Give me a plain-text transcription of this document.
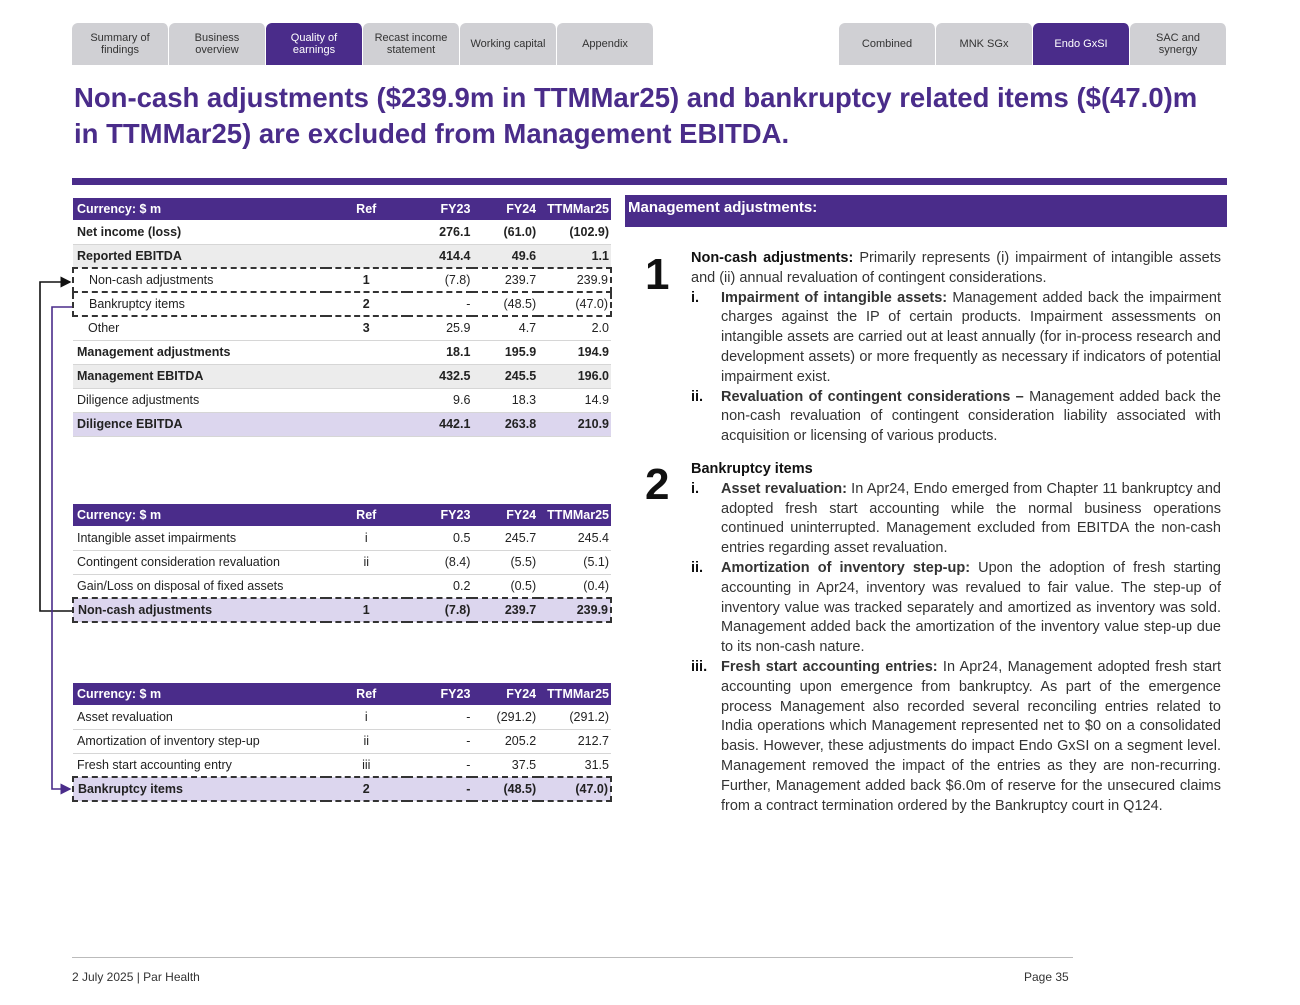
Summary of
findings
Business
overview
Quality of
earnings
Recast income
statement	Working capital	Appendix	Combined	MNK SGx	Endo GxSI	SAC and
synergy
Non-cash adjustments ($239.9m in TTMMar25) and bankruptcy related items ($(47.0)m in TTMMar25) are excluded from Management EBITDA.
Currency: $ m	Ref	FY23	FY24	TTMMar25
Net income (loss)		276.1	(61.0)	(102.9)
Reported EBITDA		414.4	49.6	1.1
Non-cash adjustments	1	(7.8)	239.7	239.9
Bankruptcy items	2	-	(48.5)	(47.0)
Other	3	25.9	4.7	2.0
Management adjustments		18.1	195.9	194.9
Management EBITDA		432.5	245.5	196.0
Diligence adjustments		9.6	18.3	14.9
Diligence EBITDA		442.1	263.8	210.9
Currency: $ m	Ref	FY23	FY24	TTMMar25
Intangible asset impairments	i	0.5	245.7	245.4
Contingent consideration revaluation	ii	(8.4)	(5.5)	(5.1)
Gain/Loss on disposal of fixed assets		0.2	(0.5)	(0.4)
Non-cash adjustments	1	(7.8)	239.7	239.9
Currency: $ m	Ref	FY23	FY24	TTMMar25
Asset revaluation	i	-	(291.2)	(291.2)
Amortization of inventory step-up	ii	-	205.2	212.7
Fresh start accounting entry	iii	-	37.5	31.5
Bankruptcy items	2	-	(48.5)	(47.0)
Management adjustments:
1 Non-cash adjustments: Primarily represents (i) impairment of intangible assets and (ii) annual revaluation of contingent considerations.
i.	Impairment of intangible assets: Management added back the impairment charges against the IP of certain products. Impairment assessments on intangible assets are carried out at least annually (for in-process research and development assets) or more frequently as necessary if indicators of potential impairment exist.
ii.	Revaluation of contingent considerations – Management added back the non-cash revaluation of contingent consideration liability associated with acquisition or licensing of various products.
2 Bankruptcy items
i.	Asset revaluation: In Apr24, Endo emerged from Chapter 11 bankruptcy and adopted fresh start accounting while the normal business operations continued uninterrupted. Management excluded from EBITDA the non-cash entries regarding asset revaluation.
ii.	Amortization of inventory step-up: Upon the adoption of fresh starting accounting in Apr24, inventory was revalued to fair value. The step-up of inventory value was tracked separately and amortized as inventory was sold. Management added back the amortization of the inventory value step-up due to its non-cash nature.
iii. Fresh start accounting entries: In Apr24, Management adopted fresh start accounting upon emergence from bankruptcy. As part of the emergence process Management also recorded several reconciling entries related to India operations which Management represented net to $0 on a consolidated basis. However, these adjustments do impact Endo GxSI on a segment level. Management removed the impact of the entries as they are non-recurring. Further, Management added back $6.0m of reserve for the unsecured claims from a contract termination ordered by the Bankruptcy court in Q124.
2 July 2025 | Par Health	Page 35
